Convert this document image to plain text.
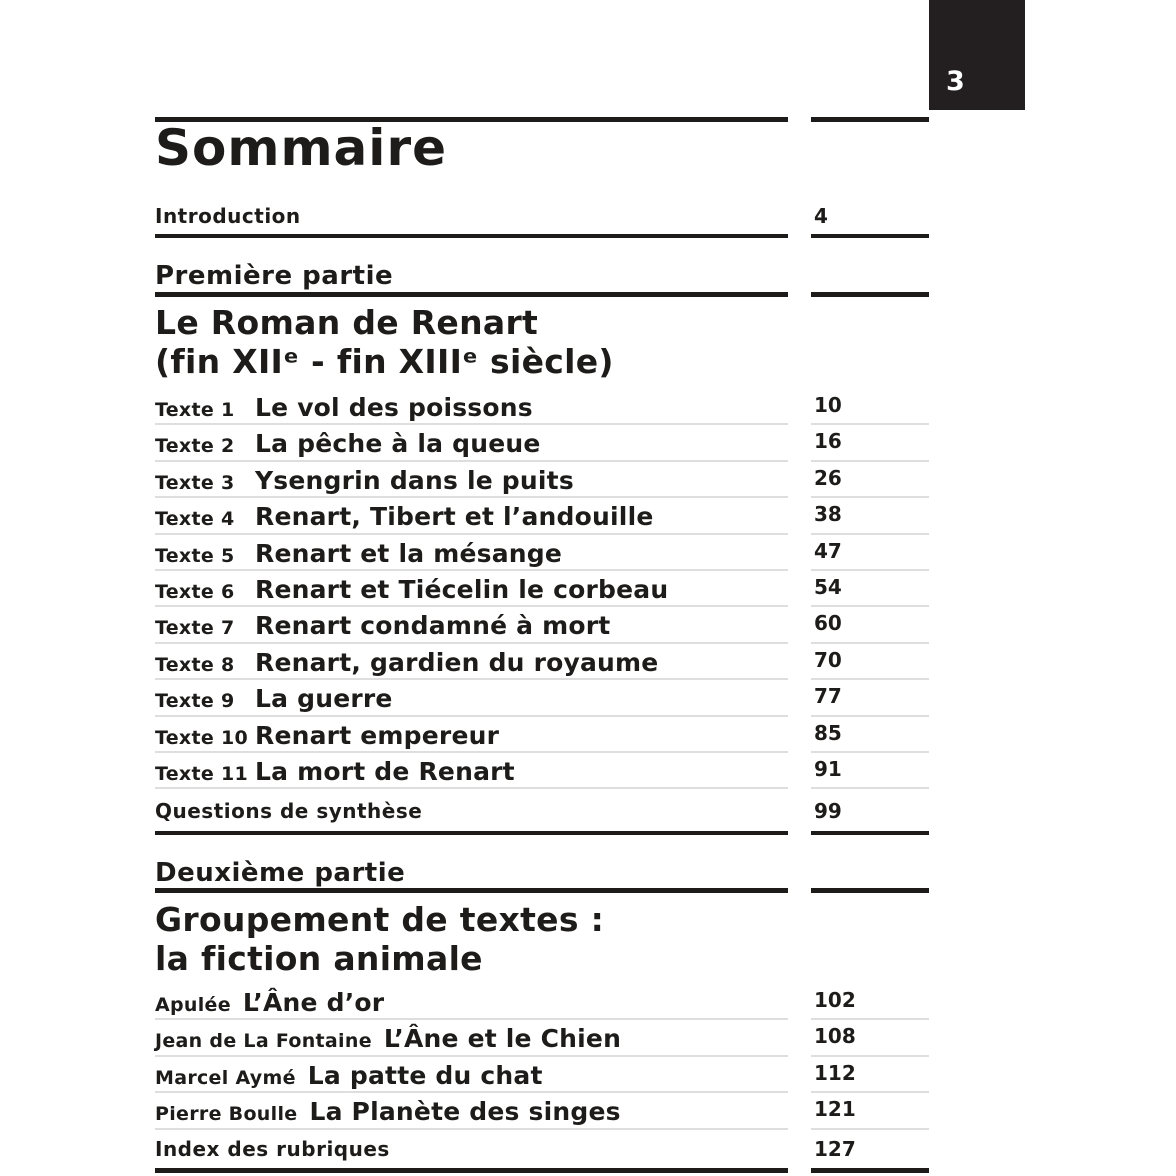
3
Sommaire
Introduction	4
Première partie
Le Roman de Renart
(fin XIIᵉ - fin XIIIᵉ siècle)
Texte 1 Le vol des poissons	10
Texte 2 La pêche à la queue	16
Texte 3 Ysengrin dans le puits	26
Texte 4 Renart, Tibert et l’andouille	38
Texte 5 Renart et la mésange	47
Texte 6 Renart et Tiécelin le corbeau	54
Texte 7 Renart condamné à mort	60
Texte 8 Renart, gardien du royaume	70
Texte 9 La guerre	77
Texte 10 Renart empereur	85
Texte 11 La mort de Renart	91
Questions de synthèse	99
Deuxième partie
Groupement de textes :
la fiction animale
Apulée L’Âne d’or	102
Jean de La Fontaine L’Âne et le Chien	108
Marcel Aymé La patte du chat	112
Pierre Boulle La Planète des singes	121
Index des rubriques	127
